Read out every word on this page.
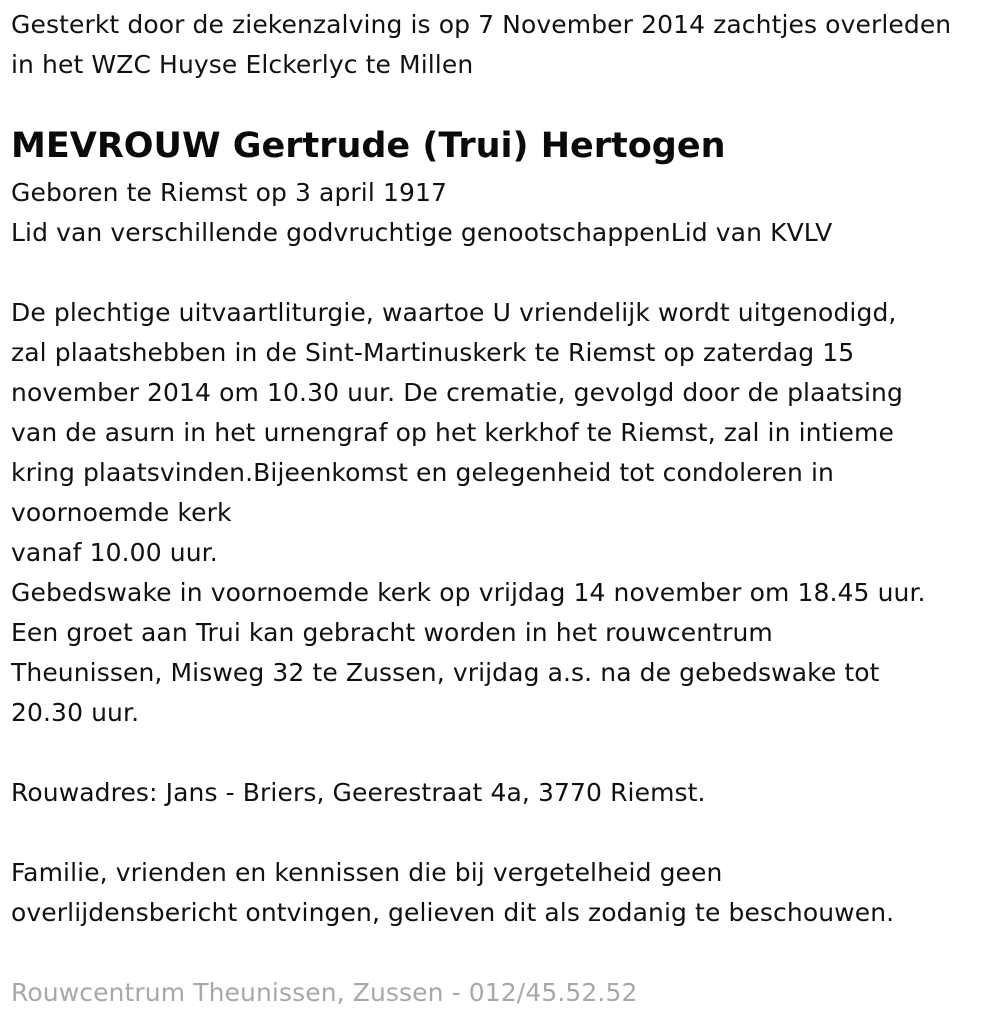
Gesterkt door de ziekenzalving is op 7 November 2014 zachtjes overleden
in het WZC Huyse Elckerlyc te Millen
MEVROUW Gertrude (Trui) Hertogen
Geboren te Riemst op 3 april 1917
Lid van verschillende godvruchtige genootschappenLid van KVLV
De plechtige uitvaartliturgie, waartoe U vriendelijk wordt uitgenodigd,
zal plaatshebben in de Sint-Martinuskerk te Riemst op zaterdag 15
november 2014 om 10.30 uur. De crematie, gevolgd door de plaatsing
van de asurn in het urnengraf op het kerkhof te Riemst, zal in intieme
kring plaatsvinden.Bijeenkomst en gelegenheid tot condoleren in
voornoemde kerk
vanaf 10.00 uur.
Gebedswake in voornoemde kerk op vrijdag 14 november om 18.45 uur.
Een groet aan Trui kan gebracht worden in het rouwcentrum
Theunissen, Misweg 32 te Zussen, vrijdag a.s. na de gebedswake tot
20.30 uur.
Rouwadres: Jans - Briers, Geerestraat 4a, 3770 Riemst.
Familie, vrienden en kennissen die bij vergetelheid geen
overlijdensbericht ontvingen, gelieven dit als zodanig te beschouwen.
Rouwcentrum Theunissen, Zussen - 012/45.52.52
